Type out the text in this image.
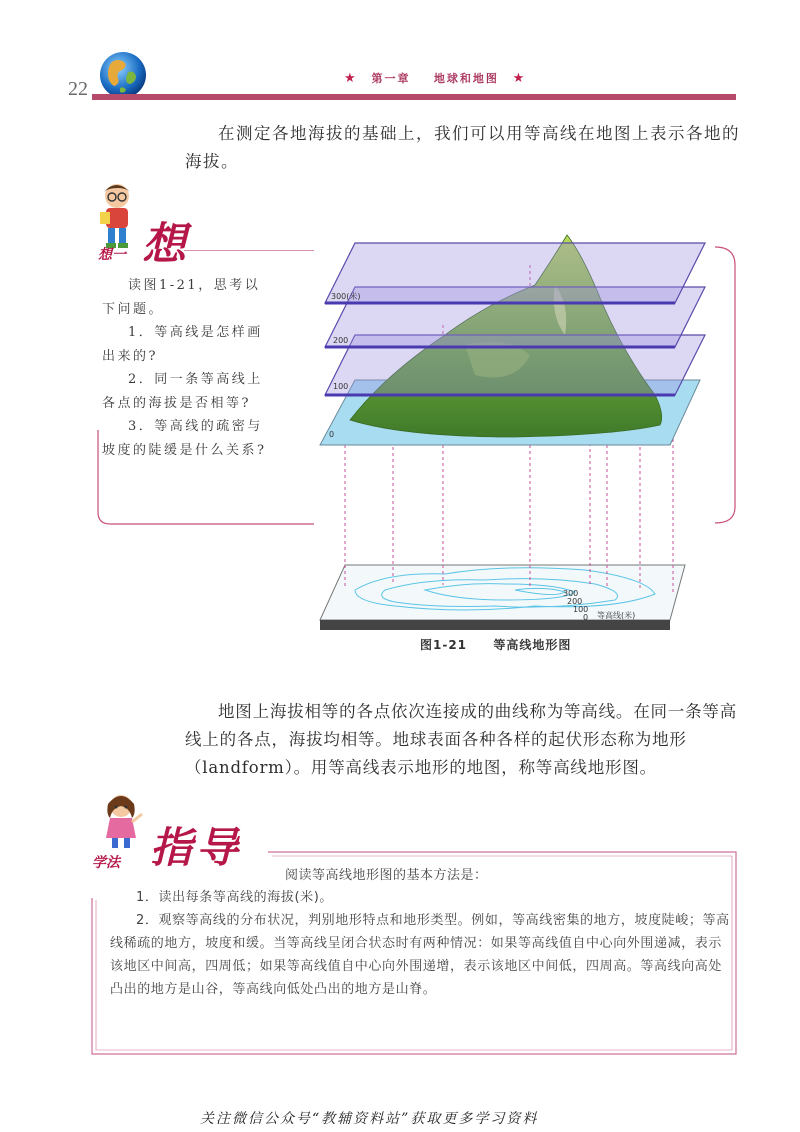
22	★ 第一章 地球和地图 ★
在测定各地海拔的基础上，我们可以用等高线在地图上表示各地的海拔。
想
想一

读图1-21，思考以下问题。

1．等高线是怎样画出来的?

2．同一条等高线上各点的海拔是否相等?

3．等高线的疏密与坡度的陡缓是什么关系?

300
200
100
0 等高线(米)
300(米)
200
100
0
图1-21 等高线地形图
地图上海拔相等的各点依次连接成的曲线称为等高线。在同一条等高线上的各点，海拔均相等。地球表面各种各样的起伏形态称为地形（landform）。用等高线表示地形的地图，称等高线地形图。
指导
学法
阅读等高线地形图的基本方法是：

1．读出每条等高线的海拔(米)。

2．观察等高线的分布状况，判别地形特点和地形类型。例如，等高线密集的地方，坡度陡峻；等高线稀疏的地方，坡度和缓。当等高线呈闭合状态时有两种情况：如果等高线值自中心向外围递减，表示该地区中间高，四周低；如果等高线值自中心向外围递增，表示该地区中间低，四周高。等高线向高处凸出的地方是山谷，等高线向低处凸出的地方是山脊。

关注微信公众号“教辅资料站”获取更多学习资料
